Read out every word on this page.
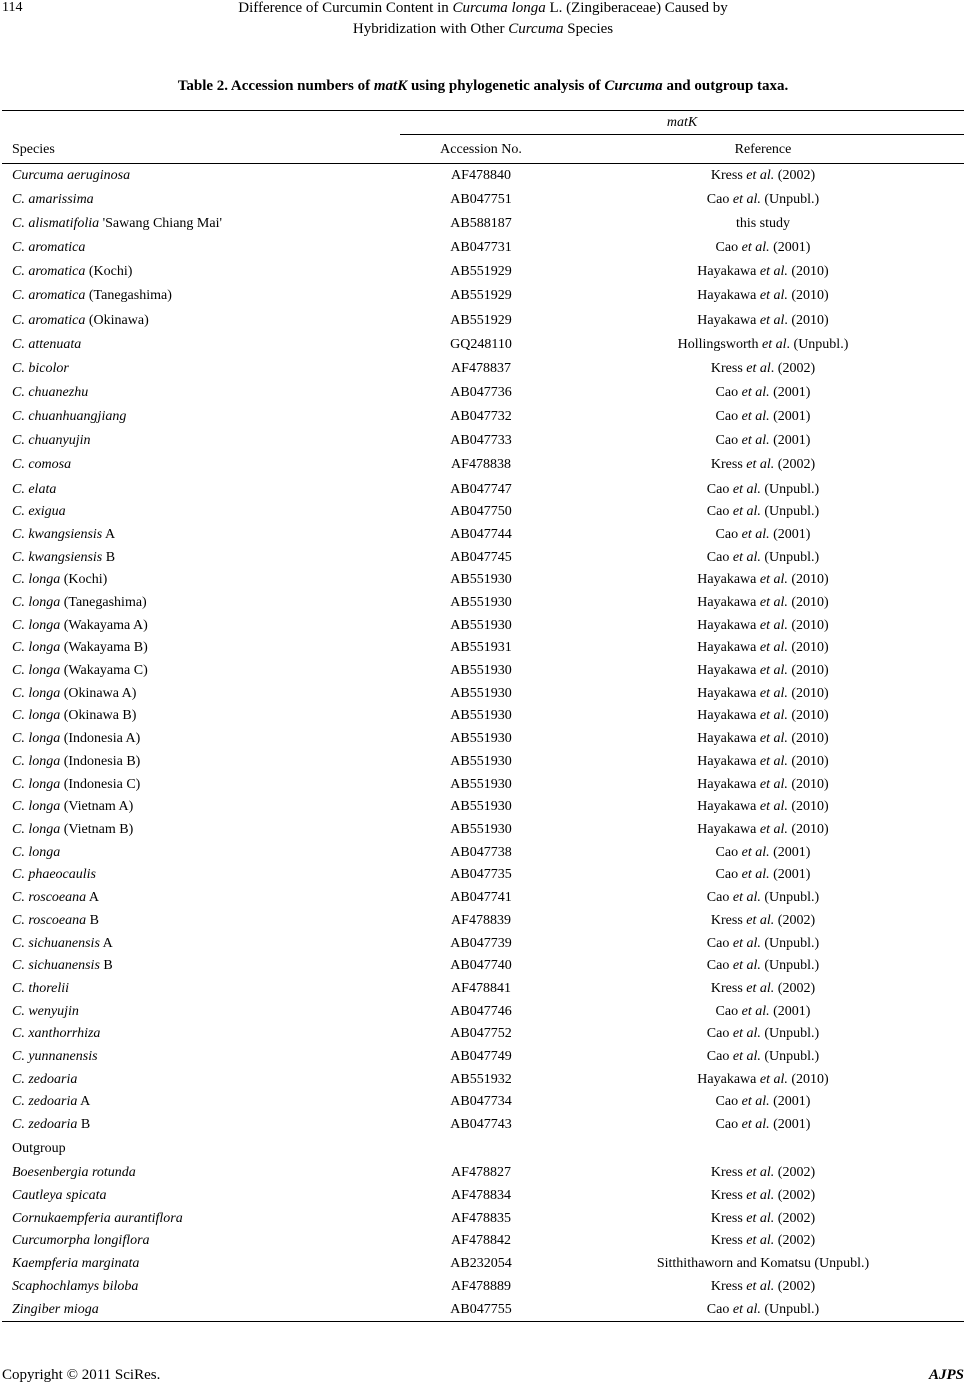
114	Difference of Curcumin Content in Curcuma longa L. (Zingiberaceae) Caused by
Hybridization with Other Curcuma Species
Table 2. Accession numbers of matK using phylogenetic analysis of Curcuma and outgroup taxa.
matK
Species	Accession No.	Reference
Curcuma aeruginosa	AF478840	Kress et al. (2002)
C. amarissima	AB047751	Cao et al. (Unpubl.)
C. alismatifolia 'Sawang Chiang Mai'	AB588187	this study
C. aromatica	AB047731	Cao et al. (2001)
C. aromatica (Kochi)	AB551929	Hayakawa et al. (2010)
C. aromatica (Tanegashima)	AB551929	Hayakawa et al. (2010)
C. aromatica (Okinawa)	AB551929	Hayakawa et al. (2010)
C. attenuata	GQ248110	Hollingsworth et al. (Unpubl.)
C. bicolor	AF478837	Kress et al. (2002)
C. chuanezhu	AB047736	Cao et al. (2001)
C. chuanhuangjiang	AB047732	Cao et al. (2001)
C. chuanyujin	AB047733	Cao et al. (2001)
C. comosa	AF478838	Kress et al. (2002)
C. elata	AB047747	Cao et al. (Unpubl.)
C. exigua	AB047750	Cao et al. (Unpubl.)
C. kwangsiensis A	AB047744	Cao et al. (2001)
C. kwangsiensis B	AB047745	Cao et al. (Unpubl.)
C. longa (Kochi)	AB551930	Hayakawa et al. (2010)
C. longa (Tanegashima)	AB551930	Hayakawa et al. (2010)
C. longa (Wakayama A)	AB551930	Hayakawa et al. (2010)
C. longa (Wakayama B)	AB551931	Hayakawa et al. (2010)
C. longa (Wakayama C)	AB551930	Hayakawa et al. (2010)
C. longa (Okinawa A)	AB551930	Hayakawa et al. (2010)
C. longa (Okinawa B)	AB551930	Hayakawa et al. (2010)
C. longa (Indonesia A)	AB551930	Hayakawa et al. (2010)
C. longa (Indonesia B)	AB551930	Hayakawa et al. (2010)
C. longa (Indonesia C)	AB551930	Hayakawa et al. (2010)
C. longa (Vietnam A)	AB551930	Hayakawa et al. (2010)
C. longa (Vietnam B)	AB551930	Hayakawa et al. (2010)
C. longa	AB047738	Cao et al. (2001)
C. phaeocaulis	AB047735	Cao et al. (2001)
C. roscoeana A	AB047741	Cao et al. (Unpubl.)
C. roscoeana B	AF478839	Kress et al. (2002)
C. sichuanensis A	AB047739	Cao et al. (Unpubl.)
C. sichuanensis B	AB047740	Cao et al. (Unpubl.)
C. thorelii	AF478841	Kress et al. (2002)
C. wenyujin	AB047746	Cao et al. (2001)
C. xanthorrhiza	AB047752	Cao et al. (Unpubl.)
C. yunnanensis	AB047749	Cao et al. (Unpubl.)
C. zedoaria	AB551932	Hayakawa et al. (2010)
C. zedoaria A	AB047734	Cao et al. (2001)
C. zedoaria B	AB047743	Cao et al. (2001)
Outgroup
Boesenbergia rotunda	AF478827	Kress et al. (2002)
Cautleya spicata	AF478834	Kress et al. (2002)
Cornukaempferia aurantiflora	AF478835	Kress et al. (2002)
Curcumorpha longiflora	AF478842	Kress et al. (2002)
Kaempferia marginata	AB232054	Sitthithaworn and Komatsu (Unpubl.)
Scaphochlamys biloba	AF478889	Kress et al. (2002)
Zingiber mioga	AB047755	Cao et al. (Unpubl.)
Copyright © 2011 SciRes.	AJPS
